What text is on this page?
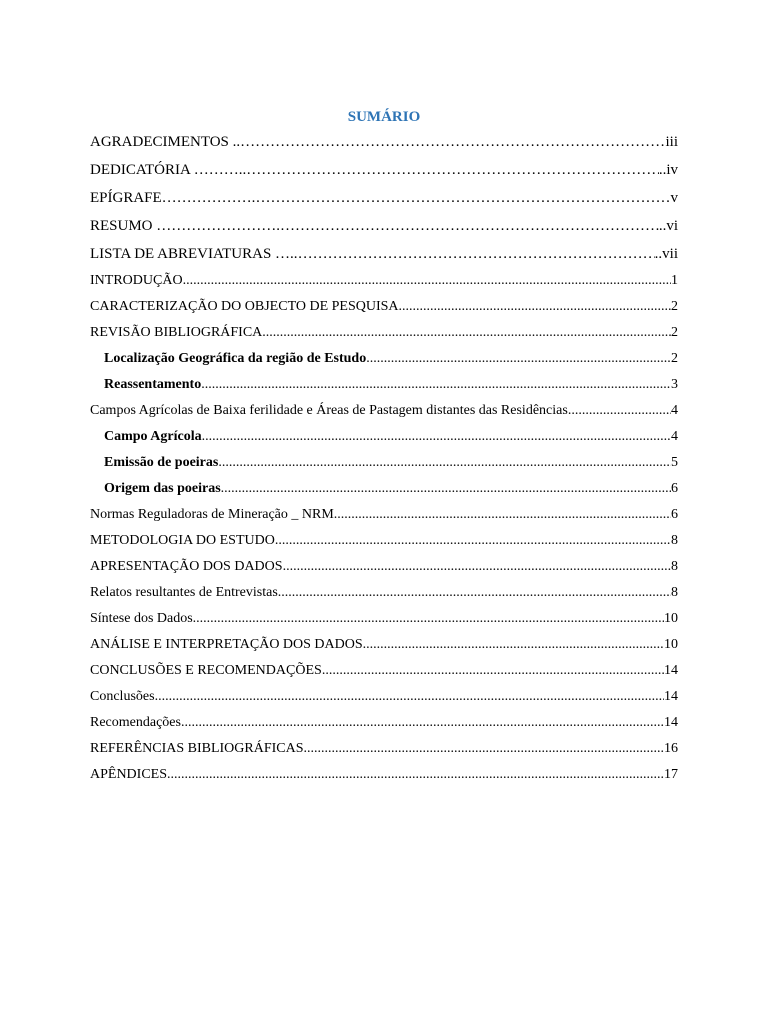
SUMÁRIO
AGRADECIMENTOS .. ………………………………………………………………………………………………………………………………………………………………	iii
DEDICATÓRIA ……….. ………………………………………………………………………………………………………………………………………………………………	..iv
EPÍGRAFE………………. ………………………………………………………………………………………………………………………………………………………………	v
RESUMO ……………………. ………………………………………………………………………………………………………………………………………………………………	..vi
LISTA DE ABREVIATURAS ….. ………………………………………………………………………………………………………………………………………………………………	..vii
INTRODUÇÃO .....	1
CARACTERIZAÇÃO DO OBJECTO DE PESQUISA .....	2
REVISÃO BIBLIOGRÁFICA .....	2
Localização Geográfica da região de Estudo .....	2
Reassentamento .....	3
Campos Agrícolas de Baixa ferilidade e Áreas de Pastagem distantes das Residências .....	4
Campo Agrícola .....	4
Emissão de poeiras .....	5
Origem das poeiras .....	6
Normas Reguladoras de Mineração _ NRM .....	6
METODOLOGIA DO ESTUDO .....	8
APRESENTAÇÃO DOS DADOS .....	8
Relatos resultantes de Entrevistas .....	8
Síntese dos Dados .....	10
ANÁLISE E INTERPRETAÇÃO DOS DADOS .....	10
CONCLUSÕES E RECOMENDAÇÕES .....	14
Conclusões .....	14
Recomendações .....	14
REFERÊNCIAS BIBLIOGRÁFICAS .....	16
APÊNDICES .....	17
